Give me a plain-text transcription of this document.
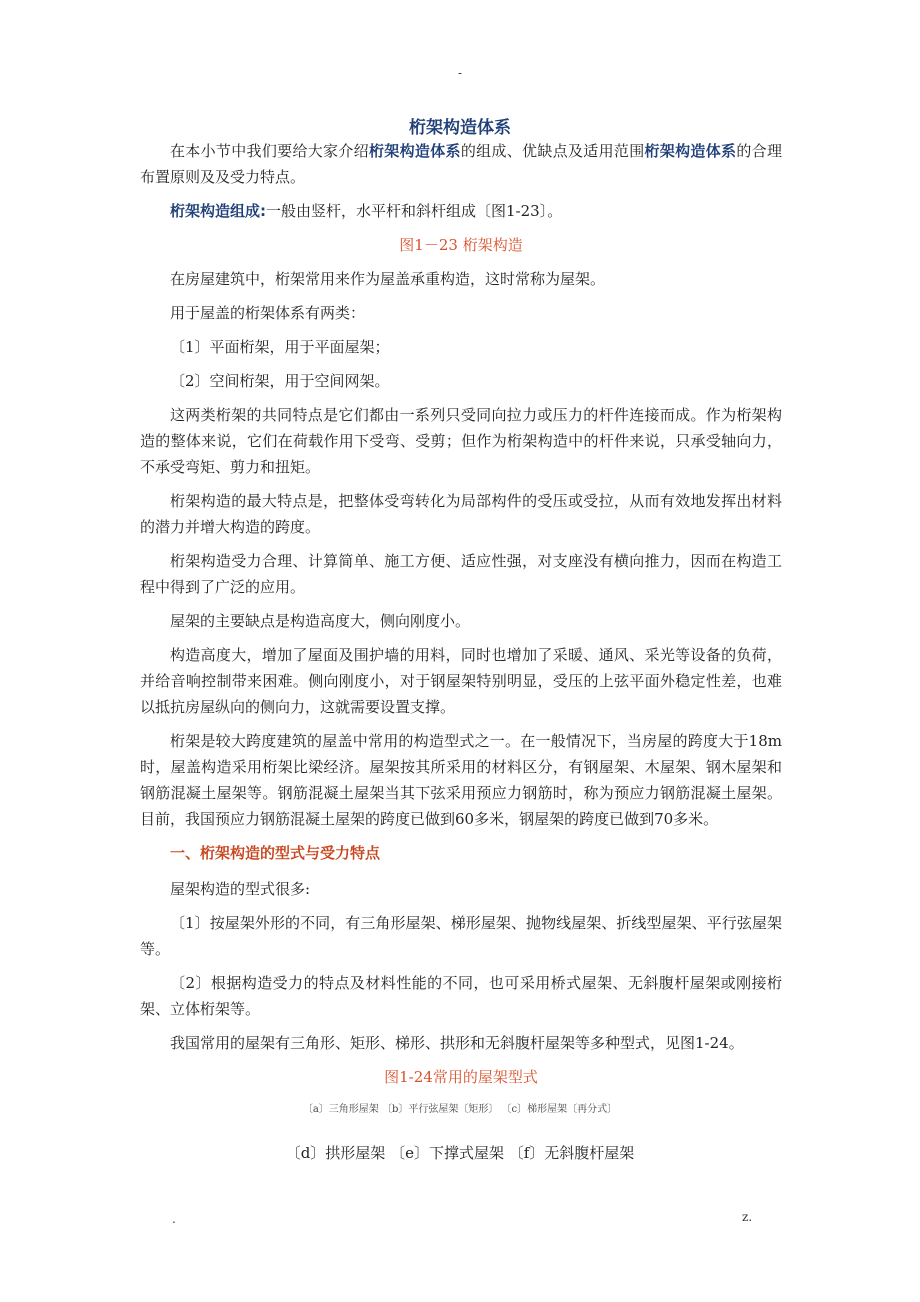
-
桁架构造体系

在本小节中我们要给大家介绍桁架构造体系的组成、优缺点及适用范围桁架构造体系的合理布置原则及及受力特点。

桁架构造组成:一般由竖杆，水平杆和斜杆组成〔图1-23〕。

图1－23 桁架构造

在房屋建筑中，桁架常用来作为屋盖承重构造，这时常称为屋架。

用于屋盖的桁架体系有两类：

〔1〕平面桁架，用于平面屋架；

〔2〕空间桁架，用于空间网架。

这两类桁架的共同特点是它们都由一系列只受同向拉力或压力的杆件连接而成。作为桁架构造的整体来说，它们在荷载作用下受弯、受剪；但作为桁架构造中的杆件来说，只承受轴向力，不承受弯矩、剪力和扭矩。

桁架构造的最大特点是，把整体受弯转化为局部构件的受压或受拉，从而有效地发挥出材料的潜力并增大构造的跨度。

桁架构造受力合理、计算简单、施工方便、适应性强，对支座没有横向推力，因而在构造工程中得到了广泛的应用。

屋架的主要缺点是构造高度大，侧向刚度小。

构造高度大，增加了屋面及围护墙的用料，同时也增加了采暖、通风、采光等设备的负荷，并给音响控制带来困难。侧向刚度小，对于钢屋架特别明显，受压的上弦平面外稳定性差，也难以抵抗房屋纵向的侧向力，这就需要设置支撑。

桁架是较大跨度建筑的屋盖中常用的构造型式之一。在一般情况下，当房屋的跨度大于18m时，屋盖构造采用桁架比梁经济。屋架按其所采用的材料区分，有钢屋架、木屋架、钢木屋架和钢筋混凝土屋架等。钢筋混凝土屋架当其下弦采用预应力钢筋时，称为预应力钢筋混凝土屋架。目前，我国预应力钢筋混凝土屋架的跨度已做到60多米，钢屋架的跨度已做到70多米。

一、桁架构造的型式与受力特点

屋架构造的型式很多:

〔1〕按屋架外形的不同，有三角形屋架、梯形屋架、抛物线屋架、折线型屋架、平行弦屋架等。

〔2〕根据构造受力的特点及材料性能的不同，也可采用桥式屋架、无斜腹杆屋架或刚接桁架、立体桁架等。

我国常用的屋架有三角形、矩形、梯形、拱形和无斜腹杆屋架等多种型式，见图1-24。

图1-24常用的屋架型式
〔a〕三角形屋架 〔b〕平行弦屋架〔矩形〕 〔c〕梯形屋架〔再分式〕
〔d〕拱形屋架 〔e〕下撑式屋架 〔f〕无斜腹杆屋架
.	z.
